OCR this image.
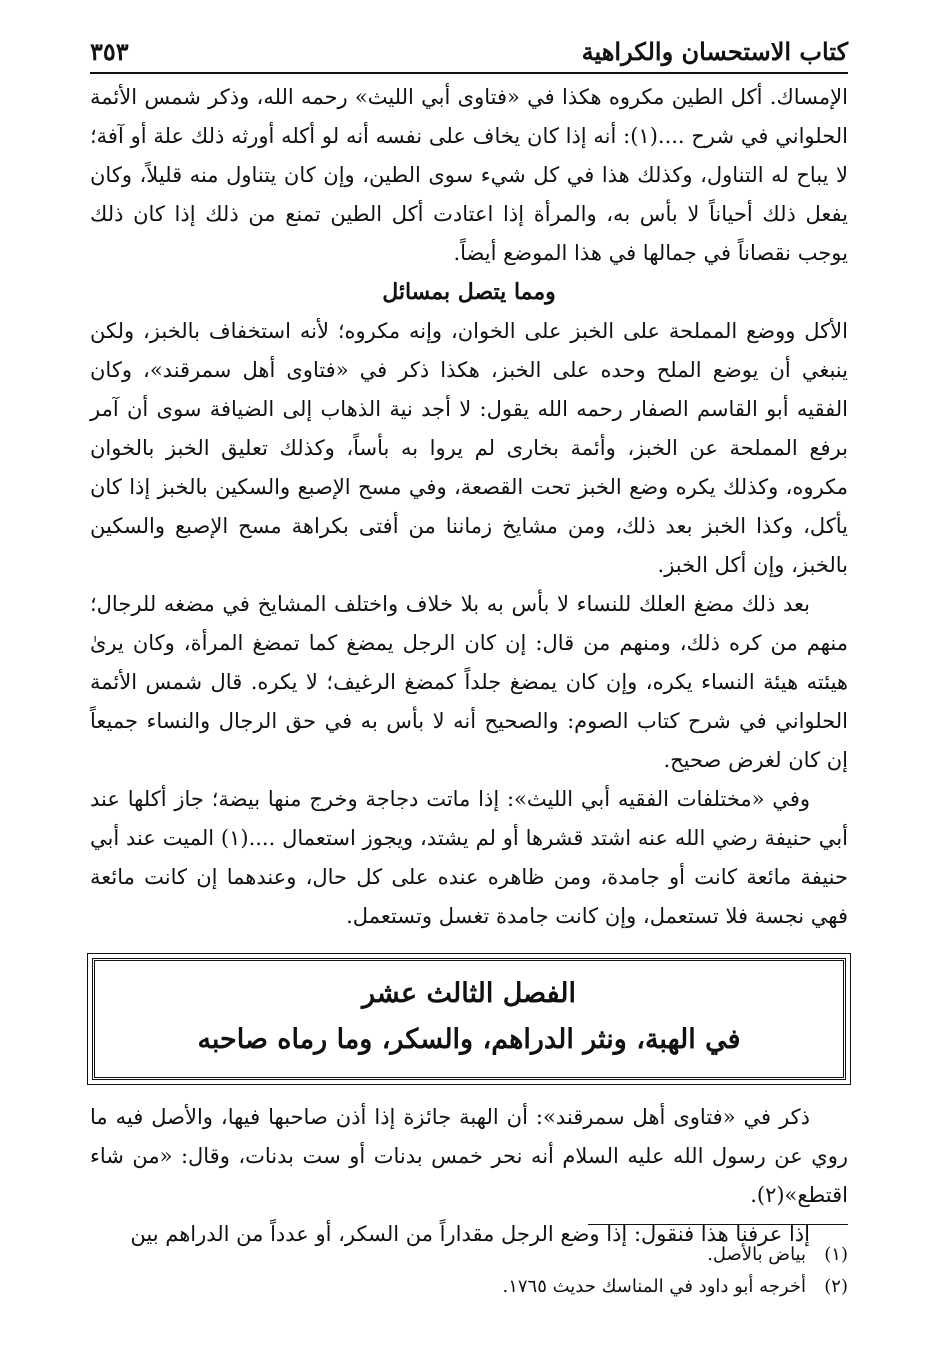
كتاب الاستحسان والكراهية
٣٥٣

الإمساك. أكل الطين مكروه هكذا في «فتاوى أبي الليث» رحمه الله، وذكر شمس الأئمة الحلواني في شرح ....(١): أنه إذا كان يخاف على نفسه أنه لو أكله أورثه ذلك علة أو آفة؛ لا يباح له التناول، وكذلك هذا في كل شيء سوى الطين، وإن كان يتناول منه قليلاً، وكان يفعل ذلك أحياناً لا بأس به، والمرأة إذا اعتادت أكل الطين تمنع من ذلك إذا كان ذلك يوجب نقصاناً في جمالها في هذا الموضع أيضاً.

ومما يتصل بمسائل

الأكل ووضع المملحة على الخبز على الخوان، وإنه مكروه؛ لأنه استخفاف بالخبز، ولكن ينبغي أن يوضع الملح وحده على الخبز، هكذا ذكر في «فتاوى أهل سمرقند»، وكان الفقيه أبو القاسم الصفار رحمه الله يقول: لا أجد نية الذهاب إلى الضيافة سوى أن آمر برفع المملحة عن الخبز، وأئمة بخارى لم يروا به بأساً، وكذلك تعليق الخبز بالخوان مكروه، وكذلك يكره وضع الخبز تحت القصعة، وفي مسح الإصبع والسكين بالخبز إذا كان يأكل، وكذا الخبز بعد ذلك، ومن مشايخ زماننا من أفتى بكراهة مسح الإصبع والسكين بالخبز، وإن أكل الخبز.

بعد ذلك مضغ العلك للنساء لا بأس به بلا خلاف واختلف المشايخ في مضغه للرجال؛ منهم من كره ذلك، ومنهم من قال: إن كان الرجل يمضغ كما تمضغ المرأة، وكان يرىٰ هيئته هيئة النساء يكره، وإن كان يمضغ جلداً كمضغ الرغيف؛ لا يكره. قال شمس الأئمة الحلواني في شرح كتاب الصوم: والصحيح أنه لا بأس به في حق الرجال والنساء جميعاً إن كان لغرض صحيح.

وفي «مختلفات الفقيه أبي الليث»: إذا ماتت دجاجة وخرج منها بيضة؛ جاز أكلها عند أبي حنيفة رضي الله عنه اشتد قشرها أو لم يشتد، ويجوز استعمال ....(١) الميت عند أبي حنيفة مائعة كانت أو جامدة، ومن ظاهره عنده على كل حال، وعندهما إن كانت مائعة فهي نجسة فلا تستعمل، وإن كانت جامدة تغسل وتستعمل.

الفصل الثالث عشر
في الهبة، ونثر الدراهم، والسكر، وما رماه صاحبه

ذكر في «فتاوى أهل سمرقند»: أن الهبة جائزة إذا أذن صاحبها فيها، والأصل فيه ما روي عن رسول الله عليه السلام أنه نحر خمس بدنات أو ست بدنات، وقال: «من شاء اقتطع»(٢).

إذا عرفنا هذا فنقول: إذا وضع الرجل مقداراً من السكر، أو عدداً من الدراهم بين

(١)
بياض بالأصل.
(٢)
أخرجه أبو داود في المناسك حديث ١٧٦٥.
